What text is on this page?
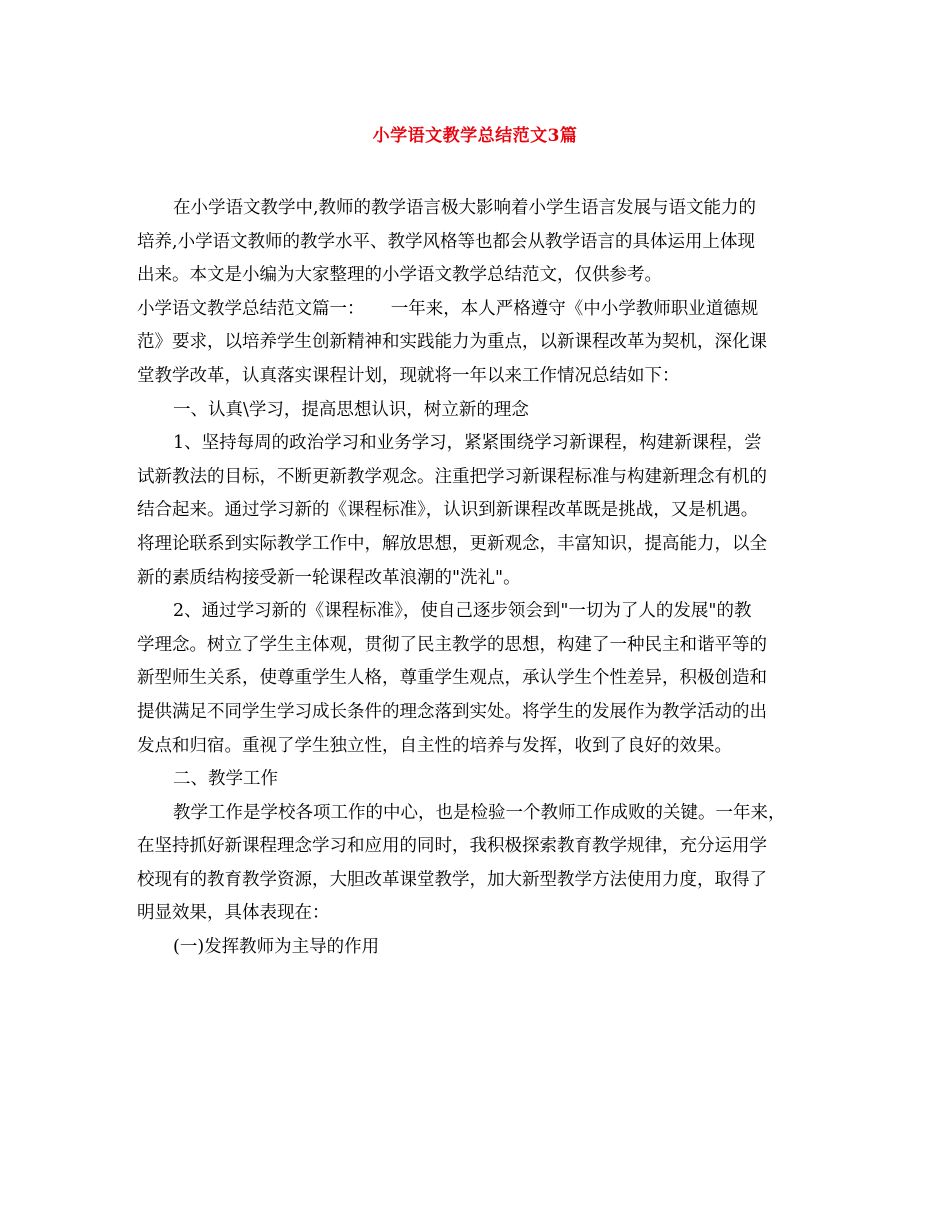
小学语文教学总结范文3篇
在小学语文教学中,教师的教学语言极大影响着小学生语言发展与语文能力的
培养,小学语文教师的教学水平、教学风格等也都会从教学语言的具体运用上体现
出来。本文是小编为大家整理的小学语文教学总结范文，仅供参考。
小学语文教学总结范文篇一：　　一年来，本人严格遵守《中小学教师职业道德规
范》要求，以培养学生创新精神和实践能力为重点，以新课程改革为契机，深化课
堂教学改革，认真落实课程计划，现就将一年以来工作情况总结如下：
一、认真\学习，提高思想认识，树立新的理念
1、坚持每周的政治学习和业务学习，紧紧围绕学习新课程，构建新课程，尝
试新教法的目标，不断更新教学观念。注重把学习新课程标准与构建新理念有机的
结合起来。通过学习新的《课程标准》，认识到新课程改革既是挑战，又是机遇。
将理论联系到实际教学工作中，解放思想，更新观念，丰富知识，提高能力，以全
新的素质结构接受新一轮课程改革浪潮的"洗礼"。
2、通过学习新的《课程标准》，使自己逐步领会到"一切为了人的发展"的教
学理念。树立了学生主体观，贯彻了民主教学的思想，构建了一种民主和谐平等的
新型师生关系，使尊重学生人格，尊重学生观点，承认学生个性差异，积极创造和
提供满足不同学生学习成长条件的理念落到实处。将学生的发展作为教学活动的出
发点和归宿。重视了学生独立性，自主性的培养与发挥，收到了良好的效果。
二、教学工作
教学工作是学校各项工作的中心，也是检验一个教师工作成败的关键。一年来，
在坚持抓好新课程理念学习和应用的同时，我积极探索教育教学规律，充分运用学
校现有的教育教学资源，大胆改革课堂教学，加大新型教学方法使用力度，取得了
明显效果，具体表现在：
(一)发挥教师为主导的作用
